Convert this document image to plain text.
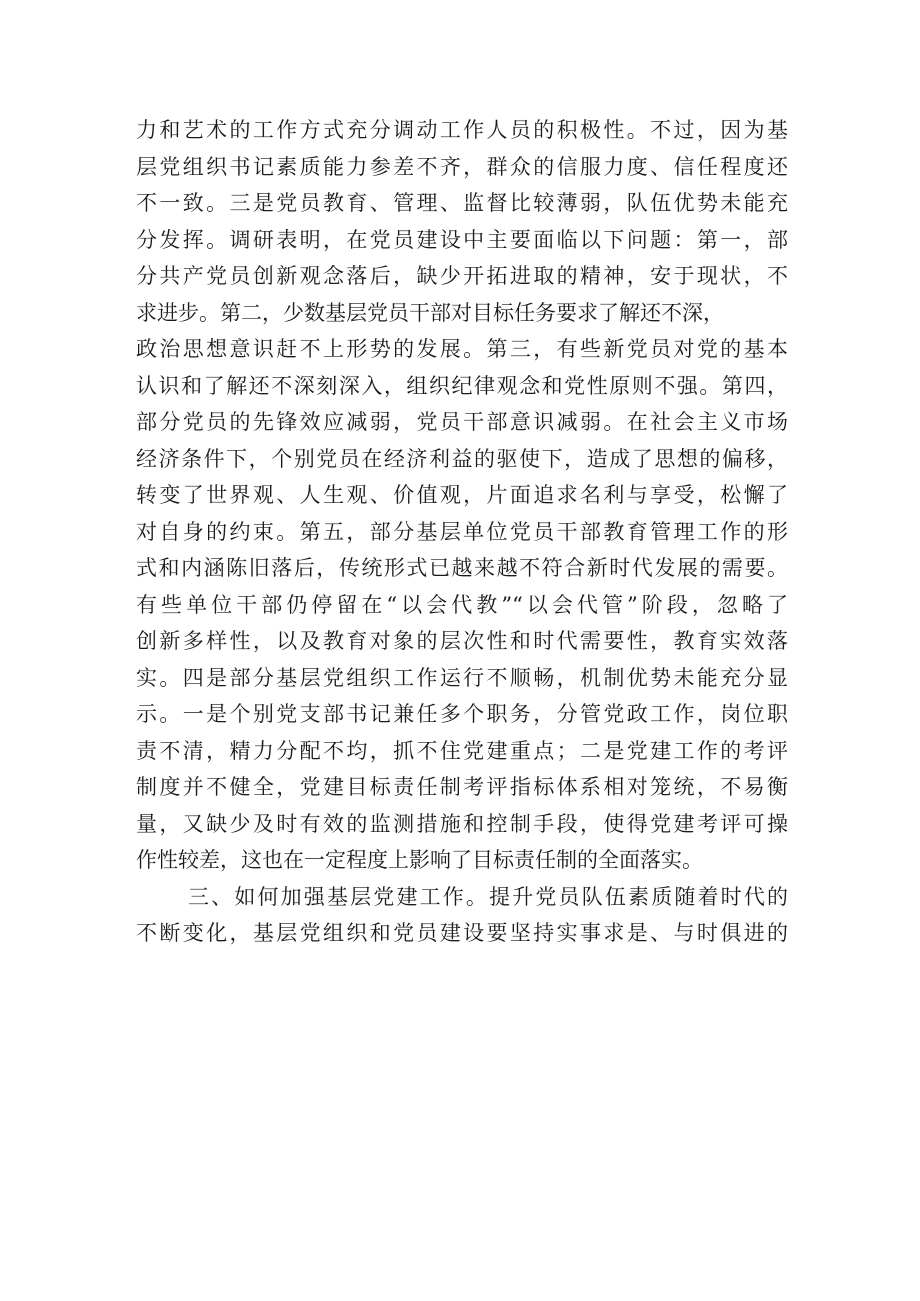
力和艺术的工作方式充分调动工作人员的积极性。不过，因为基
层党组织书记素质能力参差不齐，群众的信服力度、信任程度还
不一致。三是党员教育、管理、监督比较薄弱，队伍优势未能充
分发挥。调研表明，在党员建设中主要面临以下问题：第一，部
分共产党员创新观念落后，缺少开拓进取的精神，安于现状，不
求进步。第二，少数基层党员干部对目标任务要求了解还不深，
政治思想意识赶不上形势的发展。第三，有些新党员对党的基本
认识和了解还不深刻深入，组织纪律观念和党性原则不强。第四，
部分党员的先锋效应减弱，党员干部意识减弱。在社会主义市场
经济条件下，个别党员在经济利益的驱使下，造成了思想的偏移，
转变了世界观、人生观、价值观，片面追求名利与享受，松懈了
对自身的约束。第五，部分基层单位党员干部教育管理工作的形
式和内涵陈旧落后，传统形式已越来越不符合新时代发展的需要。
有些单位干部仍停留在“以会代教”“以会代管”阶段，忽略了
创新多样性，以及教育对象的层次性和时代需要性，教育实效落
实。四是部分基层党组织工作运行不顺畅，机制优势未能充分显
示。一是个别党支部书记兼任多个职务，分管党政工作，岗位职
责不清，精力分配不均，抓不住党建重点；二是党建工作的考评
制度并不健全，党建目标责任制考评指标体系相对笼统，不易衡
量，又缺少及时有效的监测措施和控制手段，使得党建考评可操
作性较差，这也在一定程度上影响了目标责任制的全面落实。
三、如何加强基层党建工作。提升党员队伍素质随着时代的
不断变化，基层党组织和党员建设要坚持实事求是、与时俱进的
